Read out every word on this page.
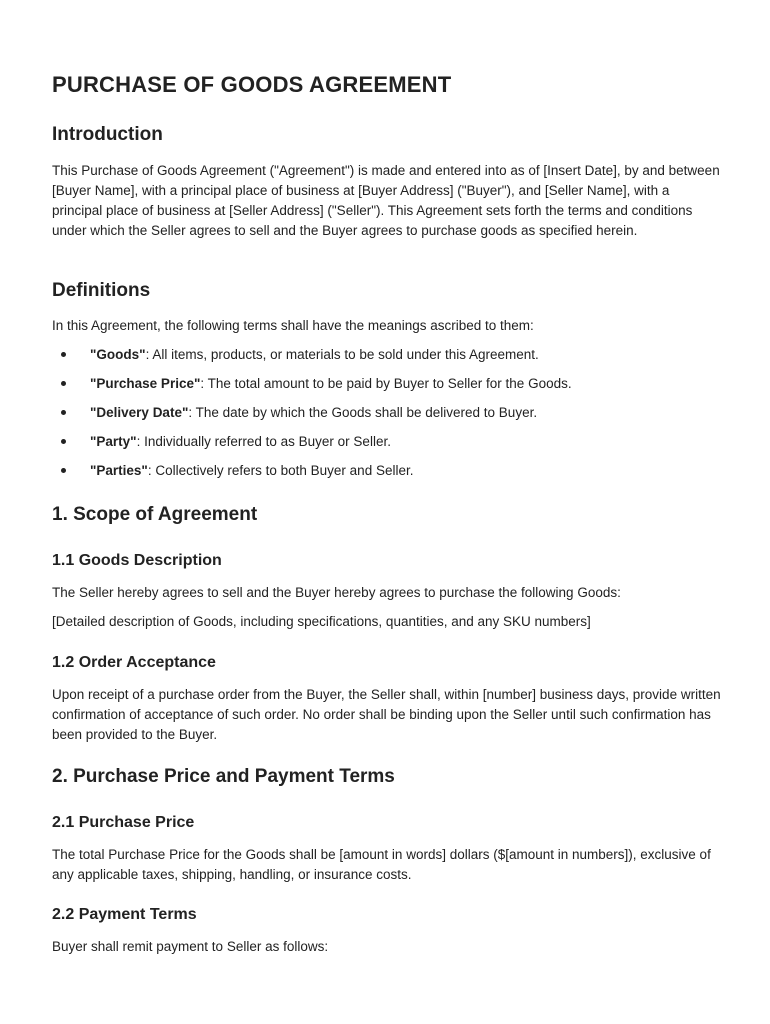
PURCHASE OF GOODS AGREEMENT
Introduction

This Purchase of Goods Agreement ("Agreement") is made and entered into as of [Insert Date], by and between [Buyer Name], with a principal place of business at [Buyer Address] ("Buyer"), and [Seller Name], with a principal place of business at [Seller Address] ("Seller"). This Agreement sets forth the terms and conditions under which the Seller agrees to sell and the Buyer agrees to purchase goods as specified herein.

Definitions

In this Agreement, the following terms shall have the meanings ascribed to them:

"Goods": All items, products, or materials to be sold under this Agreement.
"Purchase Price": The total amount to be paid by Buyer to Seller for the Goods.
"Delivery Date": The date by which the Goods shall be delivered to Buyer.
"Party": Individually referred to as Buyer or Seller.
"Parties": Collectively refers to both Buyer and Seller.
1. Scope of Agreement
1.1 Goods Description

The Seller hereby agrees to sell and the Buyer hereby agrees to purchase the following Goods:

[Detailed description of Goods, including specifications, quantities, and any SKU numbers]

1.2 Order Acceptance

Upon receipt of a purchase order from the Buyer, the Seller shall, within [number] business days, provide written confirmation of acceptance of such order. No order shall be binding upon the Seller until such confirmation has been provided to the Buyer.

2. Purchase Price and Payment Terms
2.1 Purchase Price

The total Purchase Price for the Goods shall be [amount in words] dollars ($[amount in numbers]), exclusive of any applicable taxes, shipping, handling, or insurance costs.

2.2 Payment Terms

Buyer shall remit payment to Seller as follows:
